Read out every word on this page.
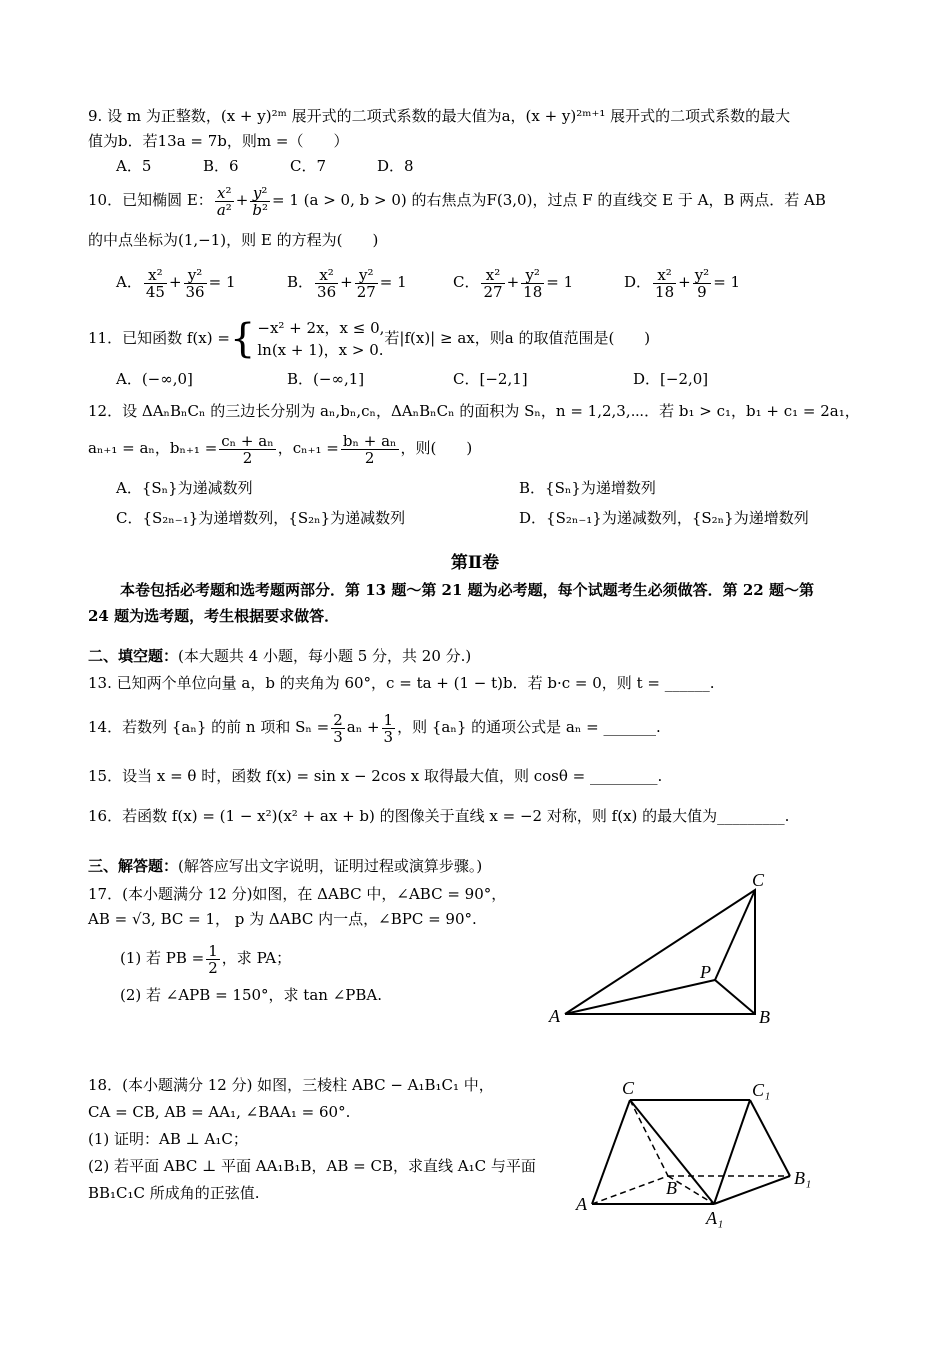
9. 设 m 为正整数，(x + y)²ᵐ 展开式的二项式系数的最大值为a，(x + y)²ᵐ⁺¹ 展开式的二项式系数的最大
值为b．若13a = 7b，则m =（　　）
A．5	B．6	C．7	D．8
10．已知椭圆 E： $\frac{\text{x²}}{\text{a²}} + \frac{\text{y²}}{\text{b²}} = 1$ (a > 0, b > 0) 的右焦点为F(3,0)，过点 F 的直线交 E 于 A，B 两点．若 AB
的中点坐标为(1,−1)，则 E 的方程为(　　)
A． $\frac{\text{x²}}{45} + \frac{\text{y²}}{36} = 1$	B． $\frac{\text{x²}}{36} + \frac{\text{y²}}{27} = 1$	C． $\frac{\text{x²}}{27} + \frac{\text{y²}}{18} = 1$	D． $\frac{\text{x²}}{18} + \frac{\text{y²}}{9} = 1$
11．已知函数 f(x) ={ −x² + 2x，x ≤ 0,
ln(x + 1)，x > 0.
若|f(x)| ≥ ax，则a 的取值范围是(　　)
A．(−∞,0]	B．(−∞,1]	C．[−2,1]	D．[−2,0]
12．设 ΔAₙBₙCₙ 的三边长分别为 aₙ,bₙ,cₙ，ΔAₙBₙCₙ 的面积为 Sₙ，n = 1,2,3,⋯．若 b₁ > c₁，b₁ + c₁ = 2a₁，
aₙ₊₁ = aₙ，$b_{n+1} = \frac{\text{cₙ + aₙ}}{2}$ ，$c_{n+1} = \frac{\text{bₙ + aₙ}}{2}$ ，则(　　)
A．{Sₙ}为递减数列	B．{Sₙ}为递增数列
C．{S₂ₙ₋₁}为递增数列，{S₂ₙ}为递减数列	D．{S₂ₙ₋₁}为递减数列，{S₂ₙ}为递增数列
第Ⅱ卷
本卷包括必考题和选考题两部分．第 13 题～第 21 题为必考题，每个试题考生必须做答．第 22 题～第
24 题为选考题，考生根据要求做答．
二、填空题：(本大题共 4 小题，每小题 5 分，共 20 分.)
13. 已知两个单位向量 a，b 的夹角为 60°，c = ta + (1 − t)b．若 b·c = 0，则 t = ______.
14．若数列 {aₙ} 的前 n 项和 $S_n = \frac{2}{3}$ $a_n + \frac{1}{3}$ ，则 {aₙ} 的通项公式是 aₙ = _______.
15．设当 x = θ 时，函数 f(x) = sin x − 2cos x 取得最大值，则 cosθ = _________.
16．若函数 f(x) = (1 − x²)(x² + ax + b) 的图像关于直线 x = −2 对称，则 f(x) 的最大值为_________.
三、解答题：(解答应写出文字说明，证明过程或演算步骤。)
17．(本小题满分 12 分)如图，在 ΔABC 中，∠ABC = 90°，
AB = √3, BC = 1， p 为 ΔABC 内一点，∠BPC = 90°.
(1) 若 PB = $\frac{1}{2}$ ，求 PA；
(2) 若 ∠APB = 150°，求 tan ∠PBA.
A	B
C
P
18．(本小题满分 12 分) 如图，三棱柱 ABC − A₁B₁C₁ 中，
CA = CB, AB = AA₁, ∠BAA₁ = 60°.
(1) 证明：AB ⊥ A₁C；
(2) 若平面 ABC ⊥ 平面 AA₁B₁B，AB = CB，求直线 A₁C 与平面
BB₁C₁C 所成角的正弦值.
C	C₁
B	B₁
A
A₁
